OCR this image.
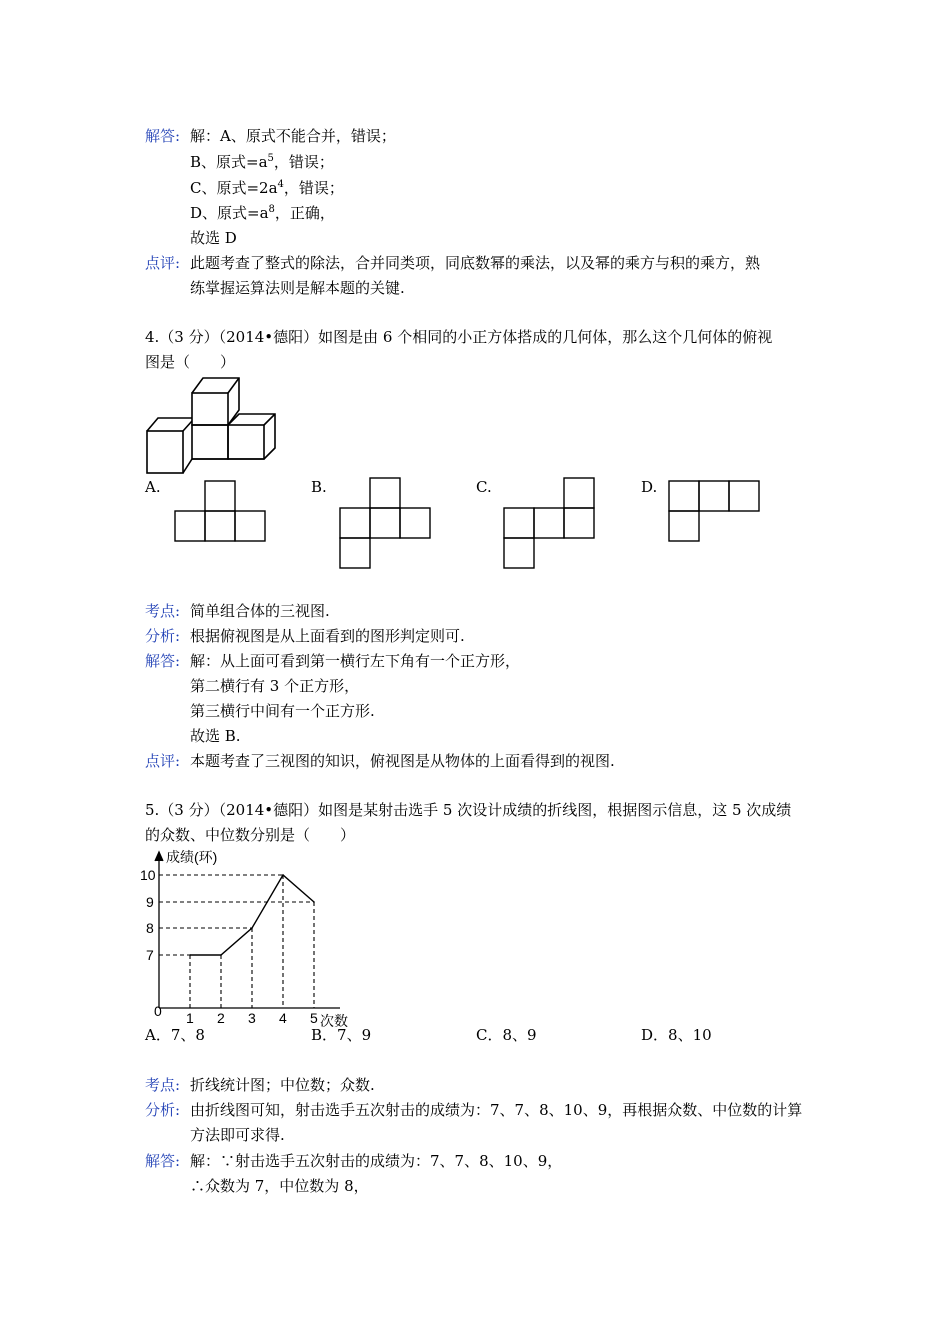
解答: 解：A、原式不能合并，错误；
B、原式$=a^5$，错误；
C、原式$=2a^4$，错误；
D、原式$=a^8$，正确，
故选 D
点评: 此题考查了整式的除法，合并同类项，同底数幂的乘法，以及幂的乘方与积的乘方，熟
练掌握运算法则是解本题的关键.
4.（3 分）（2014•德阳）如图是由 6 个相同的小正方体搭成的几何体，那么这个几何体的俯视
图是（　　）
A.	B.	C.	D.
考点: 简单组合体的三视图.
分析: 根据俯视图是从上面看到的图形判定则可.
解答: 解：从上面可看到第一横行左下角有一个正方形，
第二横行有 3 个正方形，
第三横行中间有一个正方形.
故选 B.
点评: 本题考查了三视图的知识，俯视图是从物体的上面看得到的视图.
5.（3 分）（2014•德阳）如图是某射击选手 5 次设计成绩的折线图，根据图示信息，这 5 次成绩
的众数、中位数分别是（　　）
1 2 3 4 5
7
8
9
10
0
成绩(环)
次数
A．7、8	B．7、9	C．8、9	D．8、10
考点: 折线统计图；中位数；众数.
分析: 由折线图可知，射击选手五次射击的成绩为：7、7、8、10、9，再根据众数、中位数的计算
方法即可求得.
解答: 解：∵射击选手五次射击的成绩为：7、7、8、10、9，
∴众数为 7，中位数为 8，
